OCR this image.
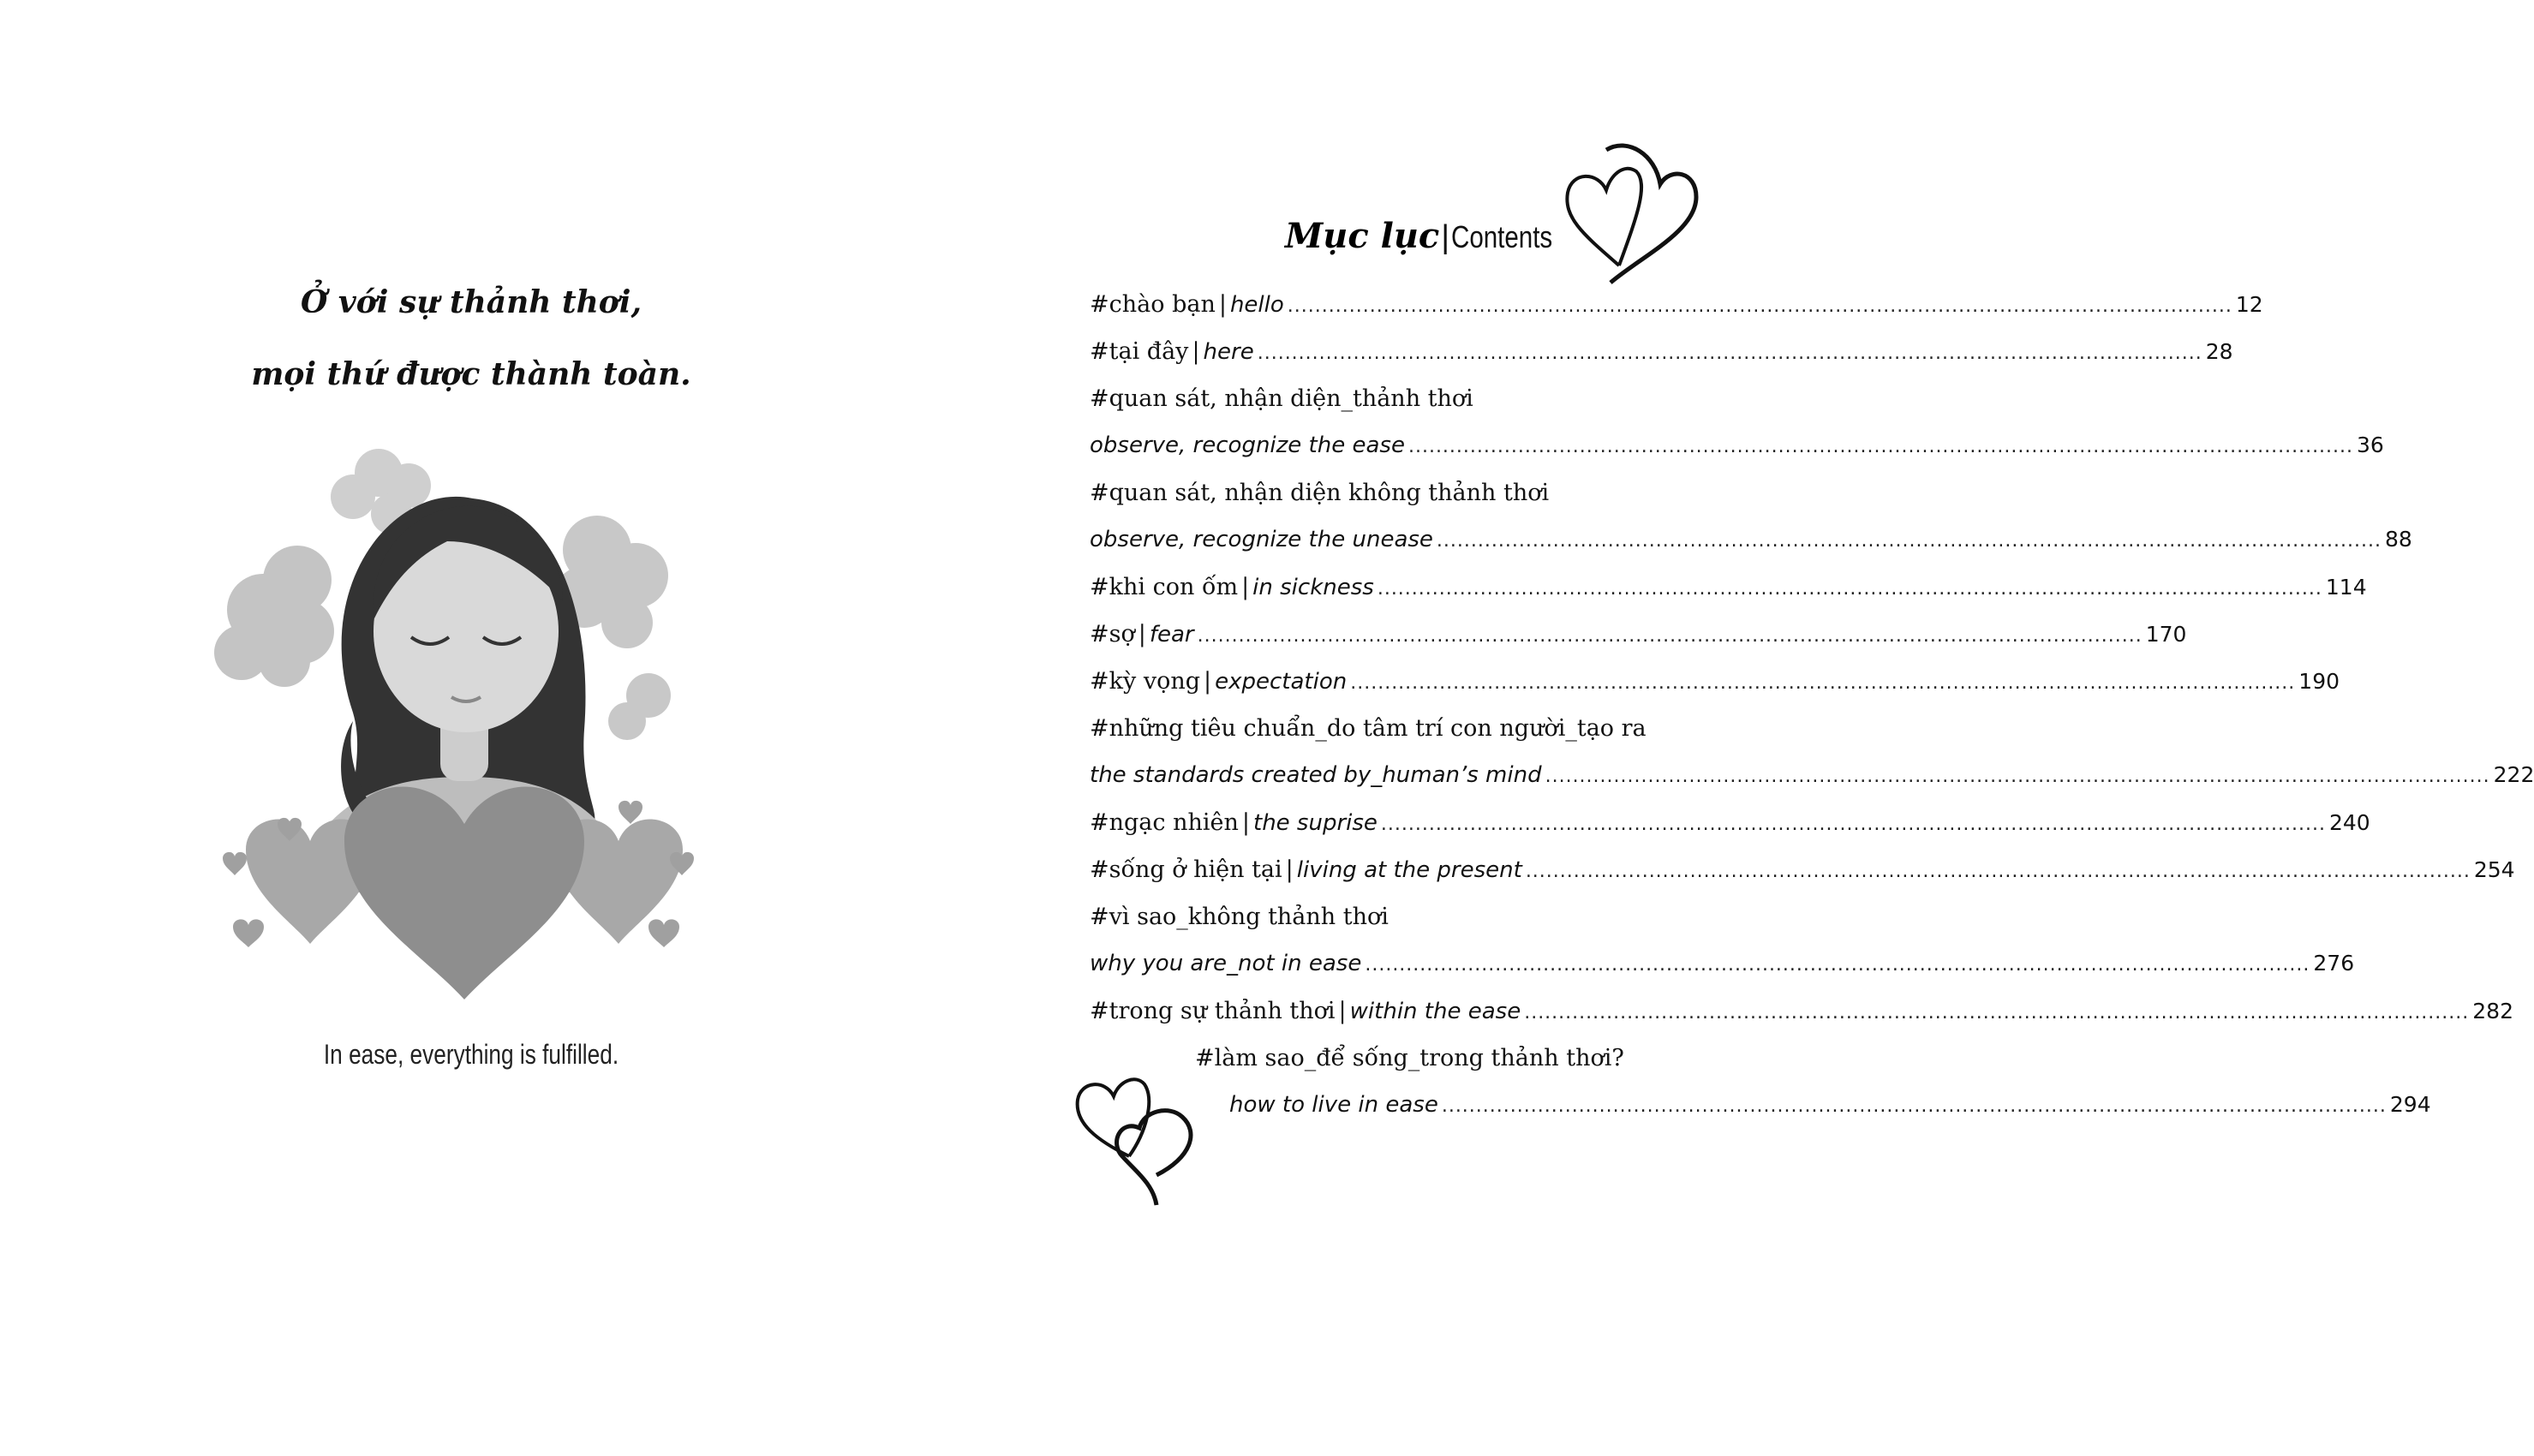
Ở với sự thảnh thơi,
mọi thứ được thành toàn.
In ease, everything is fulfilled.
Mục lục|Contents
#chào bạn | hello .......................................................................................................................................... 12
#tại đây | here .......................................................................................................................................... 28
#quan sát, nhận diện_thảnh thơi
observe, recognize the ease .......................................................................................................................................... 36
#quan sát, nhận diện không thảnh thơi
observe, recognize the unease .......................................................................................................................................... 88
#khi con ốm | in sickness .......................................................................................................................................... 114
#sợ | fear .......................................................................................................................................... 170
#kỳ vọng | expectation .......................................................................................................................................... 190
#những tiêu chuẩn_do tâm trí con người_tạo ra
the standards created by_human’s mind .......................................................................................................................................... 222
#ngạc nhiên | the suprise .......................................................................................................................................... 240
#sống ở hiện tại | living at the present .......................................................................................................................................... 254
#vì sao_không thảnh thơi
why you are_not in ease .......................................................................................................................................... 276
#trong sự thảnh thơi | within the ease .......................................................................................................................................... 282
#làm sao_để sống_trong thảnh thơi?
how to live in ease .......................................................................................................................................... 294
